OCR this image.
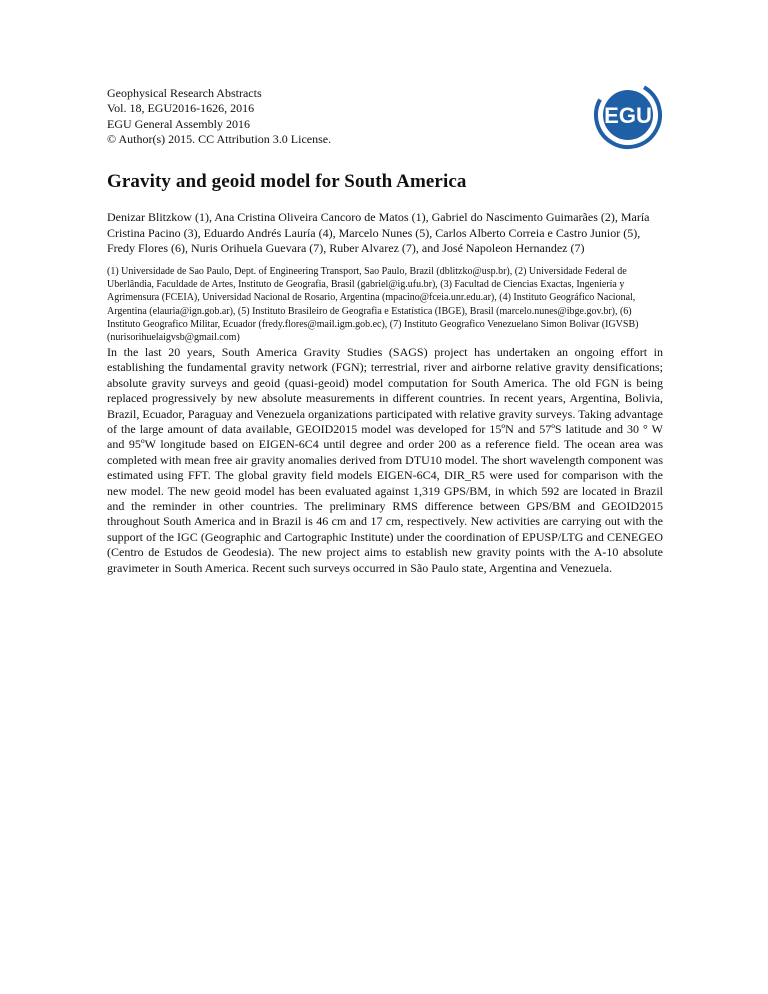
Geophysical Research Abstracts
Vol. 18, EGU2016-1626, 2016
EGU General Assembly 2016
© Author(s) 2015. CC Attribution 3.0 License.
EGU
Gravity and geoid model for South America
Denizar Blitzkow (1), Ana Cristina Oliveira Cancoro de Matos (1), Gabriel do Nascimento Guimarães (2), María Cristina Pacino (3), Eduardo Andrés Lauría (4), Marcelo Nunes (5), Carlos Alberto Correia e Castro Junior (5), Fredy Flores (6), Nuris Orihuela Guevara (7), Ruber Alvarez (7), and José Napoleon Hernandez (7)
(1) Universidade de Sao Paulo, Dept. of Engineering Transport, Sao Paulo, Brazil (dblitzko@usp.br), (2) Universidade Federal de Uberlândia, Faculdade de Artes, Instituto de Geografia, Brasil (gabriel@ig.ufu.br), (3) Facultad de Ciencias Exactas, Ingeniería y Agrimensura (FCEIA), Universidad Nacional de Rosario, Argentina (mpacino@fceia.unr.edu.ar), (4) Instituto Geográfico Nacional, Argentina (elauria@ign.gob.ar), (5) Instituto Brasileiro de Geografia e Estatística (IBGE), Brasil (marcelo.nunes@ibge.gov.br), (6) Instituto Geografico Militar, Ecuador (fredy.flores@mail.igm.gob.ec), (7) Instituto Geografico Venezuelano Simon Bolivar (IGVSB) (nurisorihuelaigvsb@gmail.com)

In the last 20 years, South America Gravity Studies (SAGS) project has undertaken an ongoing effort in establishing the fundamental gravity network (FGN); terrestrial, river and airborne relative gravity densifications; absolute gravity surveys and geoid (quasi-geoid) model computation for South America. The old FGN is being replaced progressively by new absolute measurements in different countries. In recent years, Argentina, Bolivia, Brazil, Ecuador, Paraguay and Venezuela organizations participated with relative gravity surveys. Taking advantage of the large amount of data available, GEOID2015 model was developed for 15ºN and 57ºS latitude and 30 ° W and 95ºW longitude based on EIGEN-6C4 until degree and order 200 as a reference field. The ocean area was completed with mean free air gravity anomalies derived from DTU10 model. The short wavelength component was estimated using FFT. The global gravity field models EIGEN-6C4, DIR_R5 were used for comparison with the new model. The new geoid model has been evaluated against 1,319 GPS/BM, in which 592 are located in Brazil and the reminder in other countries. The preliminary RMS difference between GPS/BM and GEOID2015 throughout South America and in Brazil is 46 cm and 17 cm, respectively. New activities are carrying out with the support of the IGC (Geographic and Cartographic Institute) under the coordination of EPUSP/LTG and CENEGEO (Centro de Estudos de Geodesia). The new project aims to establish new gravity points with the A-10 absolute gravimeter in South America. Recent such surveys occurred in São Paulo state, Argentina and Venezuela.
